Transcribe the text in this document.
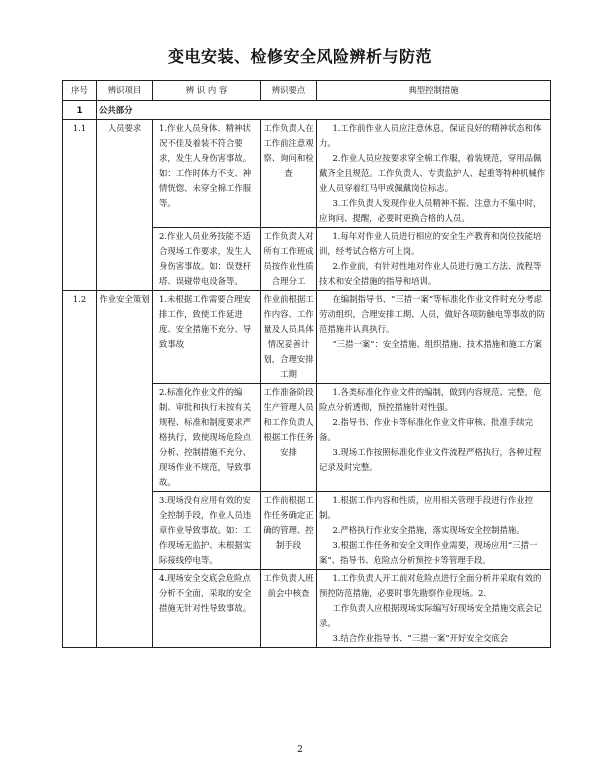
变电安装、检修安全风险辨析与防范
序号	辨识项目	辨 识 内 容	辨识要点	典型控制措施
1	公共部分			
1.1	人员要求	1.作业人员身体、精神状况不佳及着装不符合要求，发生人身伤害事故。如：工作时体力不支、神情恍惚、未穿全棉工作服等。	工作负责人在工作前注意观察、询问和检查	1.工作前作业人员应注意休息，保证良好的精神状态和体力。

2.作业人员应按要求穿全棉工作服，着装规范，穿用品佩戴齐全且规范。工作负责人、专责监护人、起重等特种机械作业人员穿着红马甲或佩戴岗位标志。

3.工作负责人发现作业人员精神不振、注意力不集中时，应询问、提醒，必要时更换合格的人员。

		2.作业人员业务技能不适合现场工作要求，发生人身伤害事故。如：误登杆塔、误碰带电设备等。	工作负责人对所有工作班成员按作业性质合理分工	1.每年对作业人员进行相应的安全生产教育和岗位技能培训，经考试合格方可上岗。

2.作业前，有针对性地对作业人员进行施工方法、流程等技术和安全措施的指导和培训。

1.2	作业安全策划	1.未根据工作需要合理安排工作，致使工作延进度、安全措施不充分、导致事故	作业前根据工作内容、工作量及人员具体情况妥善计划，合理安排工期	在编制指导书、“三措一案”等标准化作业文件时充分考虑劳动组织，合理安排工期、人员，做好各项防触电等事故的防范措施并认真执行。

“三措一案”：安全措施、组织措施、技术措施和施工方案

		2.标准化作业文件的编制、审批和执行未按有关规程、标准和制度要求严格执行，致使现场危险点分析、控制措施不充分、现场作业不规范，导致事故。	工作准备阶段生产管理人员和工作负责人根据工作任务安排	1.各类标准化作业文件的编制，做到内容规范、完整，危险点分析透彻，预控措施针对性强。

2.指导书、作业卡等标准化作业文件审核、批准手续完备。

3.现场工作按照标准化作业文件流程严格执行，各种过程记录及时完整。

		3.现场没有应用有效的安全控制手段，作业人员违章作业导致事故。如：工作现场无监护、未根据实际接线停电等。	工作前根据工作任务确定正确的管理、控制手段	1.根据工作内容和性质，应用相关管理手段进行作业控制。

2.严格执行作业安全措施，落实现场安全控制措施。

3.根据工作任务和安全文明作业需要，现场应用“三措一案”、指导书、危险点分析预控卡等管理手段。

		4.现场安全交底会危险点分析不全面，采取的安全措施无针对性导致事故。	工作负责人班前会中核查	1.工作负责人开工前对危险点进行全面分析并采取有效的预控防范措施，必要时事先勘察作业现场。2.

工作负责人应根据现场实际编写好现场安全措施交底会记录。

3.结合作业指导书、“三措一案”开好安全交底会

2
